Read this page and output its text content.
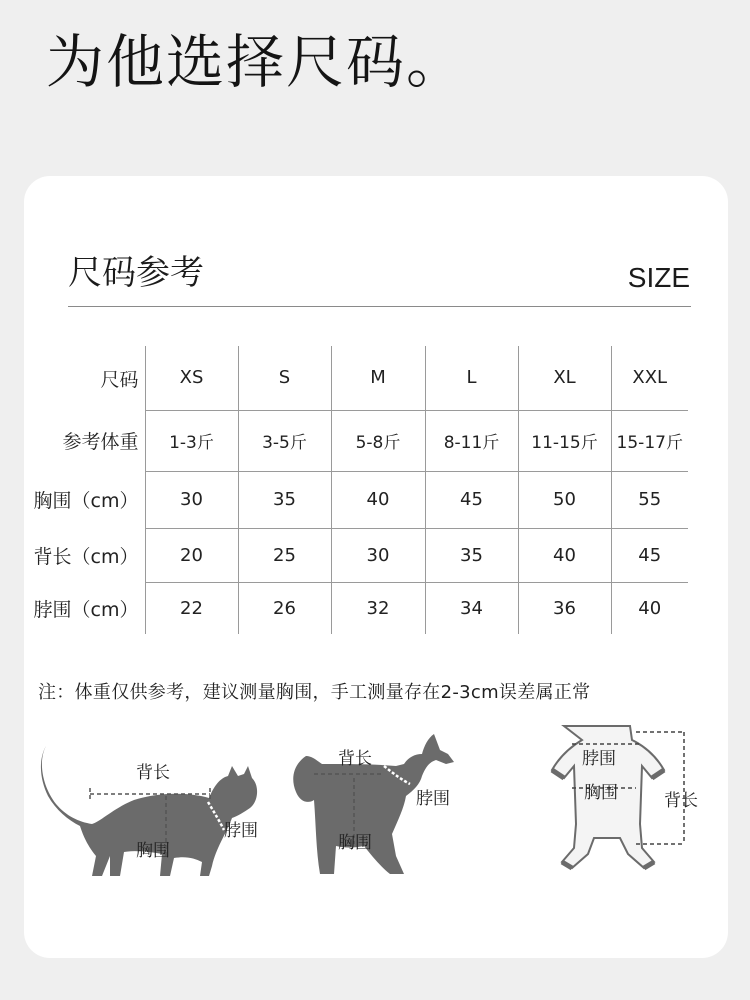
为他选择尺码。
尺码参考	SIZE
尺码	XS	S	M	L	XL	XXL
参考体重	1-3斤	3-5斤	5-8斤	8-11斤	11-15斤	15-17斤
胸围（cm）	30	35	40	45	50	55
背长（cm）	20	25	30	35	40	45
脖围（cm）	22	26	32	34	36	40
注：体重仅供参考，建议测量胸围，手工测量存在2-3cm误差属正常
背长
脖围
胸围
背长
脖围
胸围
脖围
胸围	背长
